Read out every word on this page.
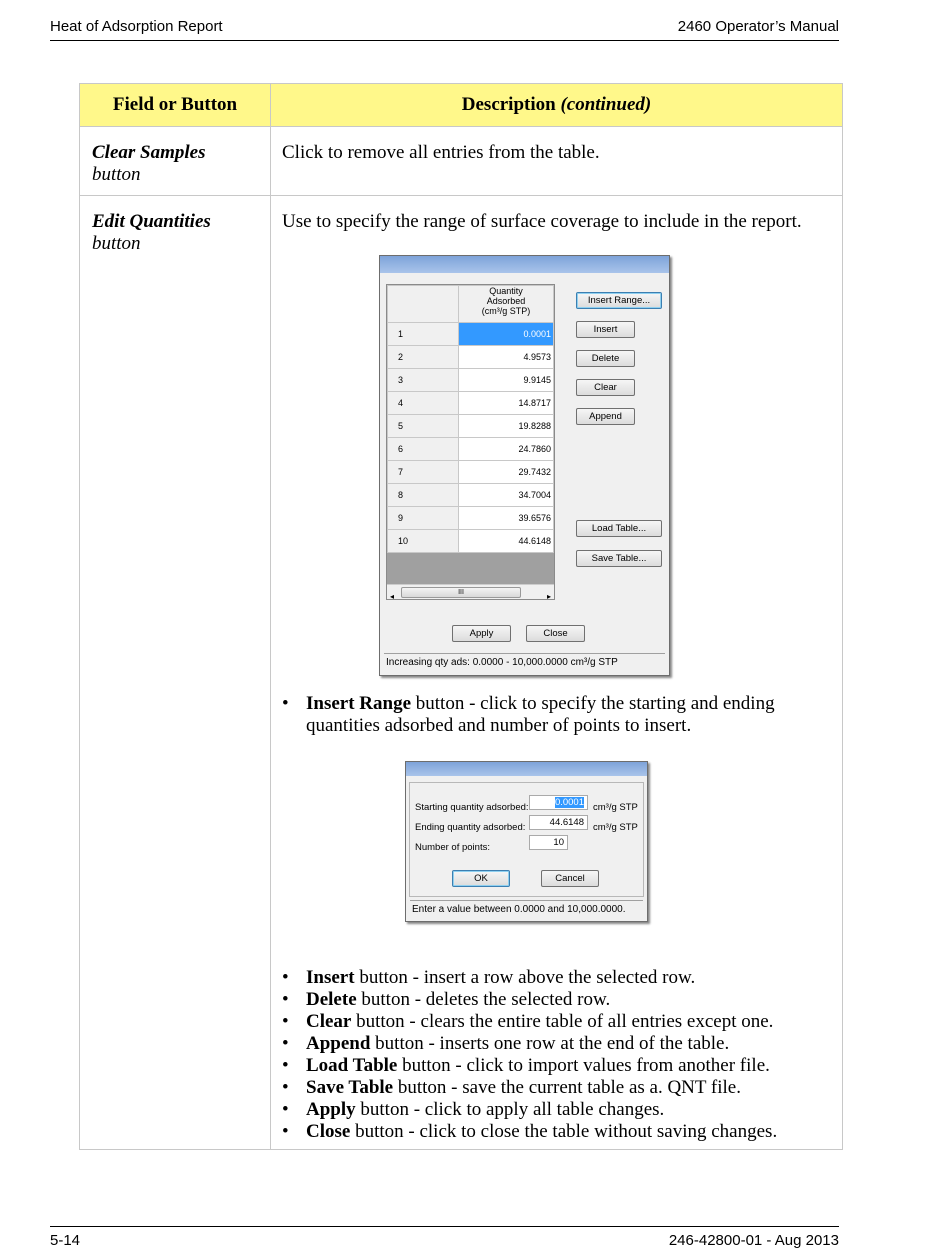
Heat of Adsorption Report	2460 Operator’s Manual
Field or Button	Description (continued)

Clear Samples
button
	Click to remove all entries from the table.

Edit Quantities
button

Use to specify the range of surface coverage to include in the report.

Quantity
Adsorbed
(cm³/g STP)

1	0.0001
2	4.9573
3	9.9145
4	14.8717
5	19.8288
6	24.7860
7	29.7432
8	34.7004
9	39.6576
10	44.6148
◂	III	▸
Insert Range...
Insert
Delete
Clear
Append
Load Table...
Save Table...
Apply	Close
Increasing qty ads: 0.0000 - 10,000.0000 cm³/g STP
• Insert Range button - click to specify the starting and ending quantities adsorbed and number of points to insert.
Starting quantity adsorbed:	0.0001 cm³/g STP
Ending quantity adsorbed:	44.6148 cm³/g STP
Number of points:	10
OK	Cancel
Enter a value between 0.0000 and 10,000.0000.
• Insert button - insert a row above the selected row.
• Delete button - deletes the selected row.
• Clear button - clears the entire table of all entries except one.
• Append button - inserts one row at the end of the table.
• Load Table button - click to import values from another file.
• Save Table button - save the current table as a. QNT file.
• Apply button - click to apply all table changes.
• Close button - click to close the table without saving changes.
5-14	246-42800-01 - Aug 2013
